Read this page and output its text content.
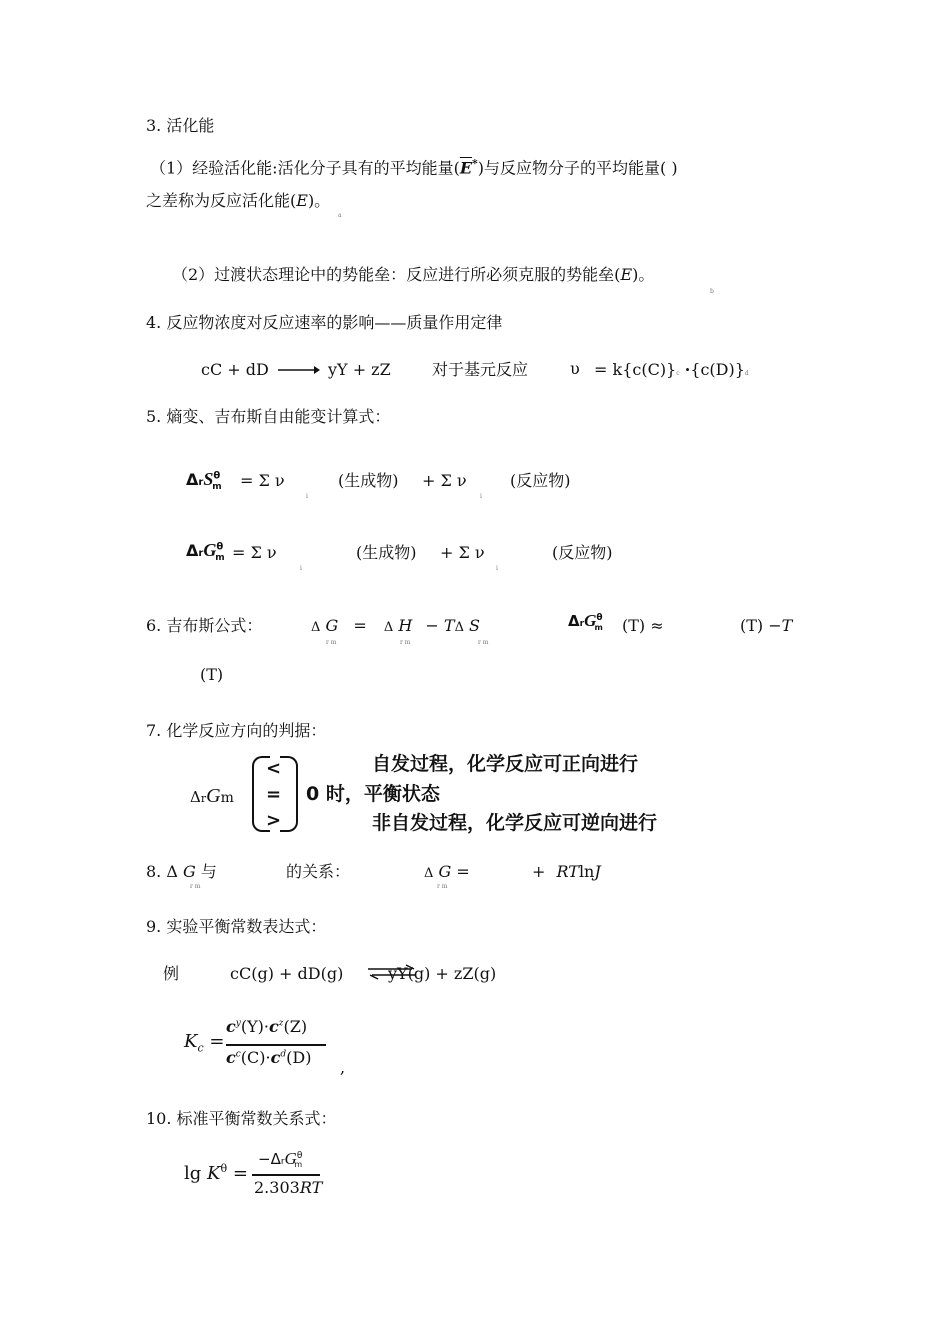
3. 活化能
（1）经验活化能:活化分子具有的平均能量$(\overline{E}^*)$与反应物分子的平均能量( )
之差称为反应活化能(E)。
a
（2）过渡状态理论中的势能垒：反应进行所必须克服的势能垒(E)。
b
4. 反应物浓度对反应速率的影响——质量作用定律
cC + dD	yY + zZ	对于基元反应	υ = k{c(C)}c ·{c(D)}d
5. 熵变、吉布斯自由能变计算式：
ΔrS$^\theta_m$	= Σ ν
i
(生成物) + Σ ν
i
(反应物)
ΔrG$^\theta_m$ = Σ ν
i
(生成物) + Σ ν
i
(反应物)
6. 吉布斯公式：	Δ G = Δ H − TΔ S
r m	r m	r m
ΔrG$^\theta_m$	(T) ≈	(T) −T
(T)
7. 化学反应方向的判据：
ΔrGm
<
=
>
0 时，平衡状态
自发过程，化学反应可正向进行
非自发过程，化学反应可逆向进行
8. Δ G 与
r m
的关系：	Δ G =
r m
+ RTlnJ
9. 实验平衡常数表达式：
例	cC(g) + dD(g) ⇌
yY(g) + zZ(g)
$K_c$ =
$c^y(Y)\cdot c^z(Z)$
$c^c(C)\cdot c^d(D)$
,
10. 标准平衡常数关系式：
$\lg K^\theta$ =
−ΔrG$^\theta_m$
2.303RT
